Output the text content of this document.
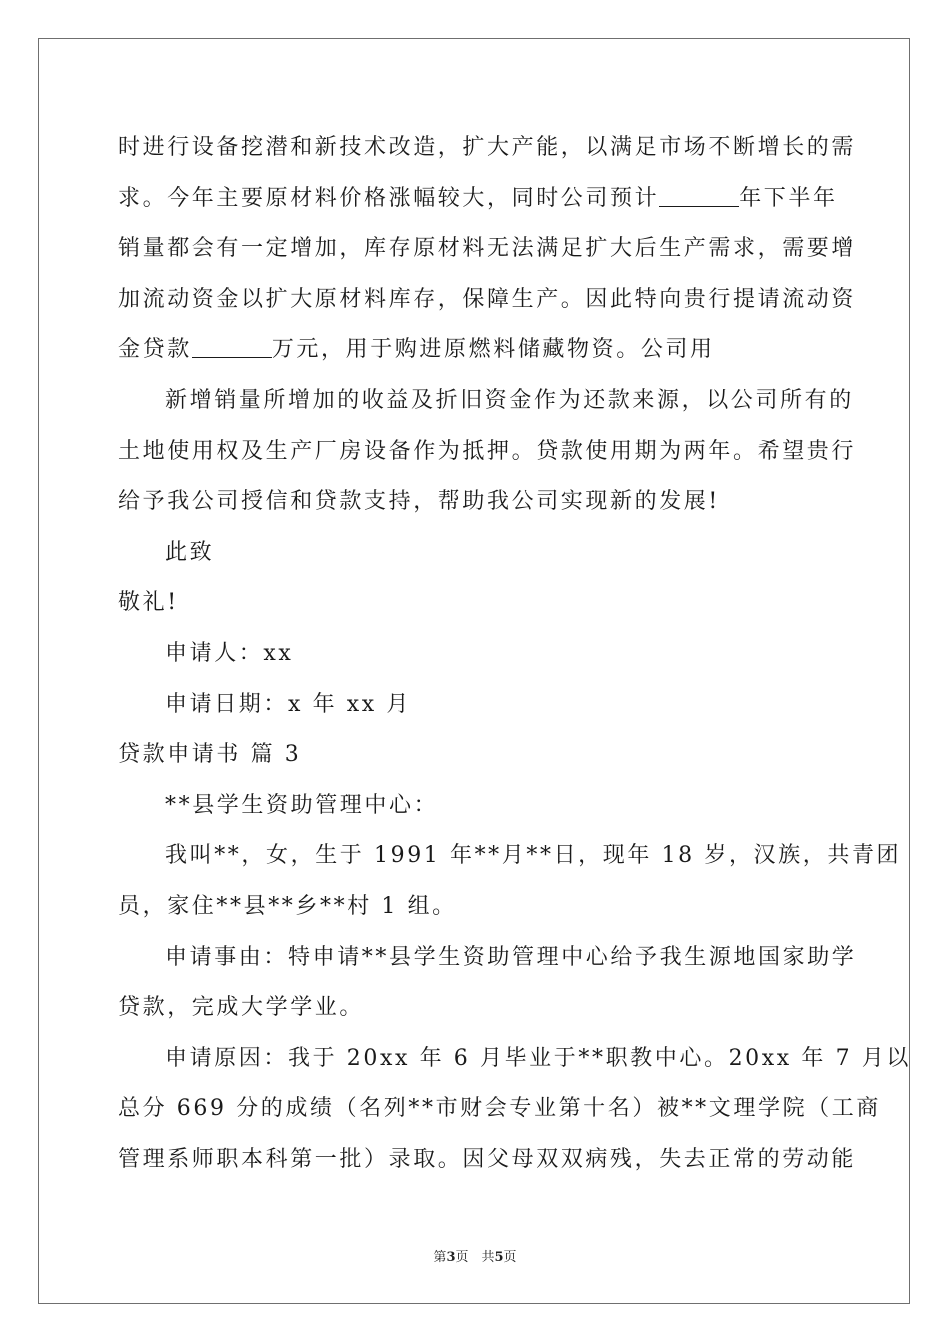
时进行设备挖潜和新技术改造，扩大产能，以满足市场不断增长的需
求。今年主要原材料价格涨幅较大，同时公司预计	年下半年
销量都会有一定增加，库存原材料无法满足扩大后生产需求，需要增
加流动资金以扩大原材料库存，保障生产。因此特向贵行提请流动资
金贷款	万元，用于购进原燃料储藏物资。公司用
新增销量所增加的收益及折旧资金作为还款来源，以公司所有的
土地使用权及生产厂房设备作为抵押。贷款使用期为两年。希望贵行
给予我公司授信和贷款支持，帮助我公司实现新的发展!
此致
敬礼!
申请人：xx
申请日期：x 年 xx 月
贷款申请书 篇 3
**县学生资助管理中心：
我叫**，女，生于 1991 年**月**日，现年 18 岁，汉族，共青团
员，家住**县**乡**村 1 组。
申请事由：特申请**县学生资助管理中心给予我生源地国家助学
贷款，完成大学学业。
申请原因：我于 20xx 年 6 月毕业于**职教中心。20xx 年 7 月以
总分 669 分的成绩（名列**市财会专业第十名）被**文理学院（工商
管理系师职本科第一批）录取。因父母双双病残，失去正常的劳动能
第3页　共5页
